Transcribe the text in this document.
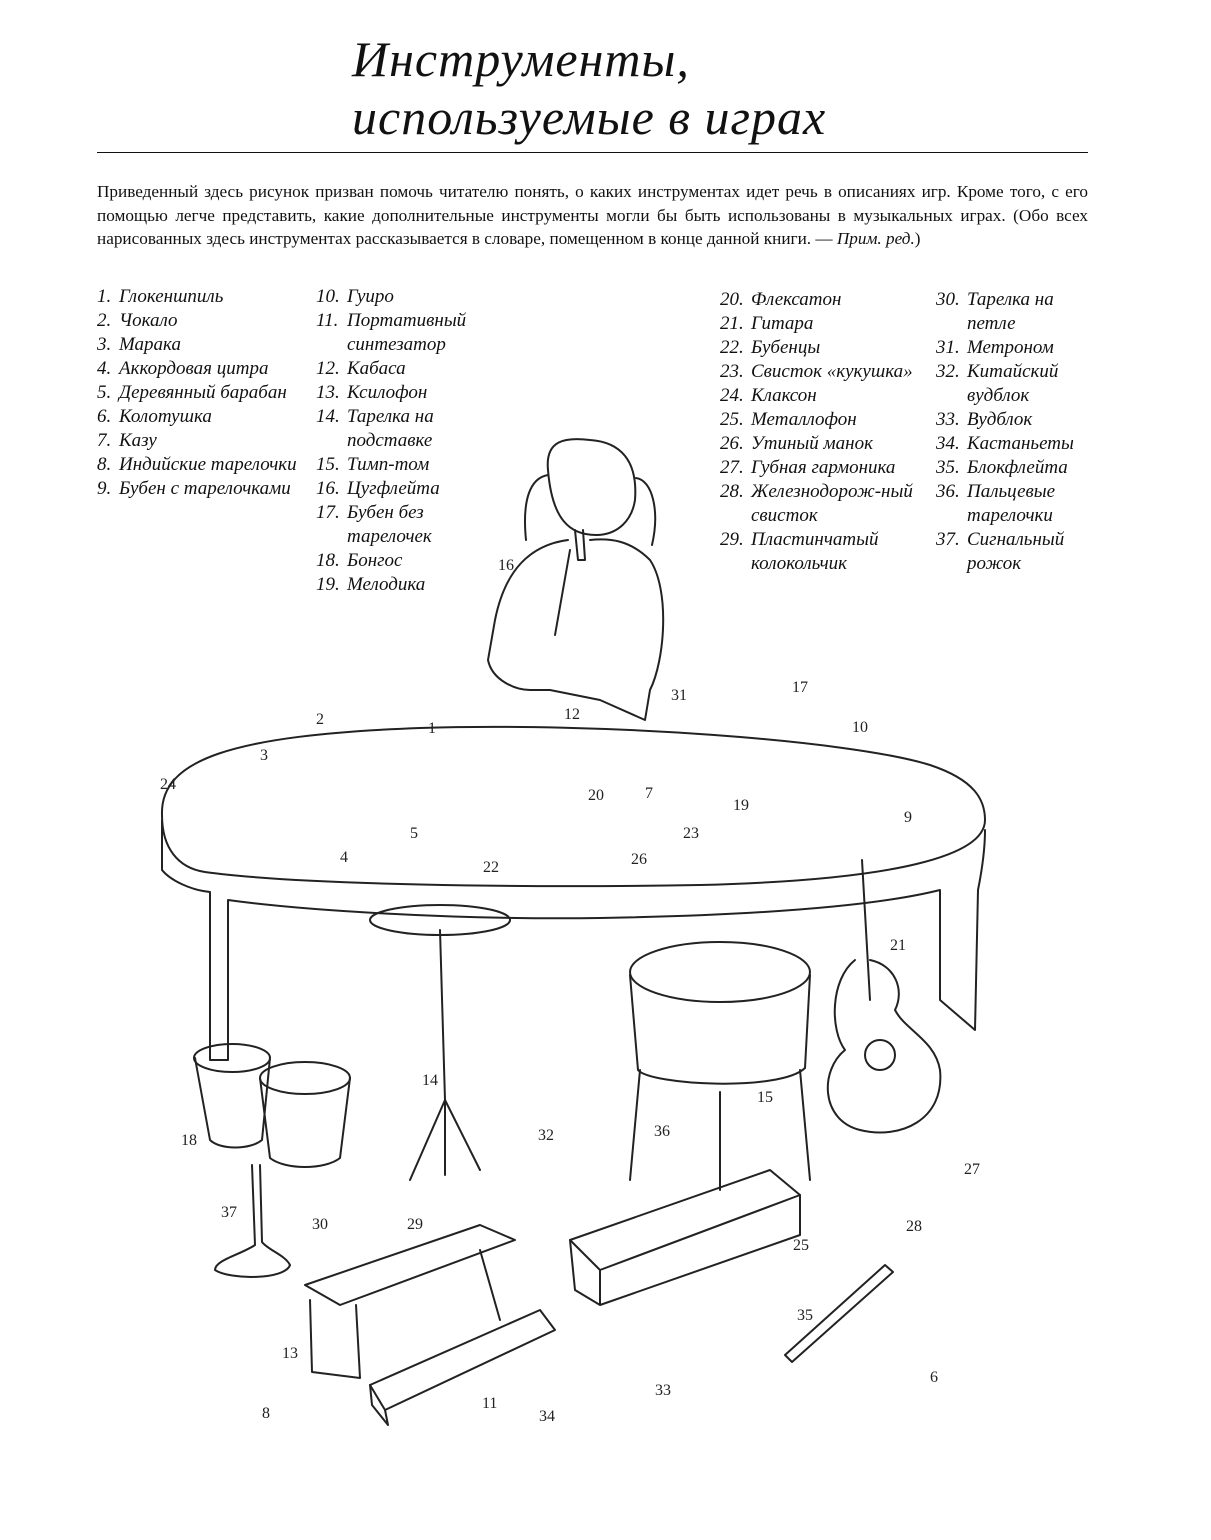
Инструменты,
используемые в играх

Приведенный здесь рисунок призван помочь читателю понять, о каких инструментах идет речь в описаниях игр. Кроме того, с его помощью легче представить, какие дополнительные инструменты могли бы быть использованы в музыкальных играх. (Обо всех нарисованных здесь инструментах рассказывается в словаре, помещенном в конце данной книги. — Прим. ред.)

1. Глокеншпиль
2. Чокало
3. Марака
4. Аккордовая цитра
5. Деревянный барабан
6. Колотушка
7. Казу
8. Индийские тарелочки
9. Бубен с тарелочками
10. Гуиро
11. Портативный синтезатор
12. Кабаса
13. Ксилофон
14. Тарелка на подставке
15. Тимп-том
16. Цугфлейта
17. Бубен без тарелочек
18. Бонгос
19. Мелодика
20. Флексатон
21. Гитара
22. Бубенцы
23. Свисток «кукушка»
24. Клаксон
25. Металлофон
26. Утиный манок
27. Губная гармоника
28. Железнодорож-ный свисток
29. Пластинчатый колокольчик
30. Тарелка на петле
31. Метроном
32. Китайский вудблок
33. Вудблок
34. Кастаньеты
35. Блокфлейта
36. Пальцевые тарелочки
37. Сигнальный рожок
1
2
3
4
5
6
7
8
9
10
11
12
13
14
15
16
17
18
19
20
21
22
23
24
25
26
27
28
29
30
31
32
33
34
35
36
37
